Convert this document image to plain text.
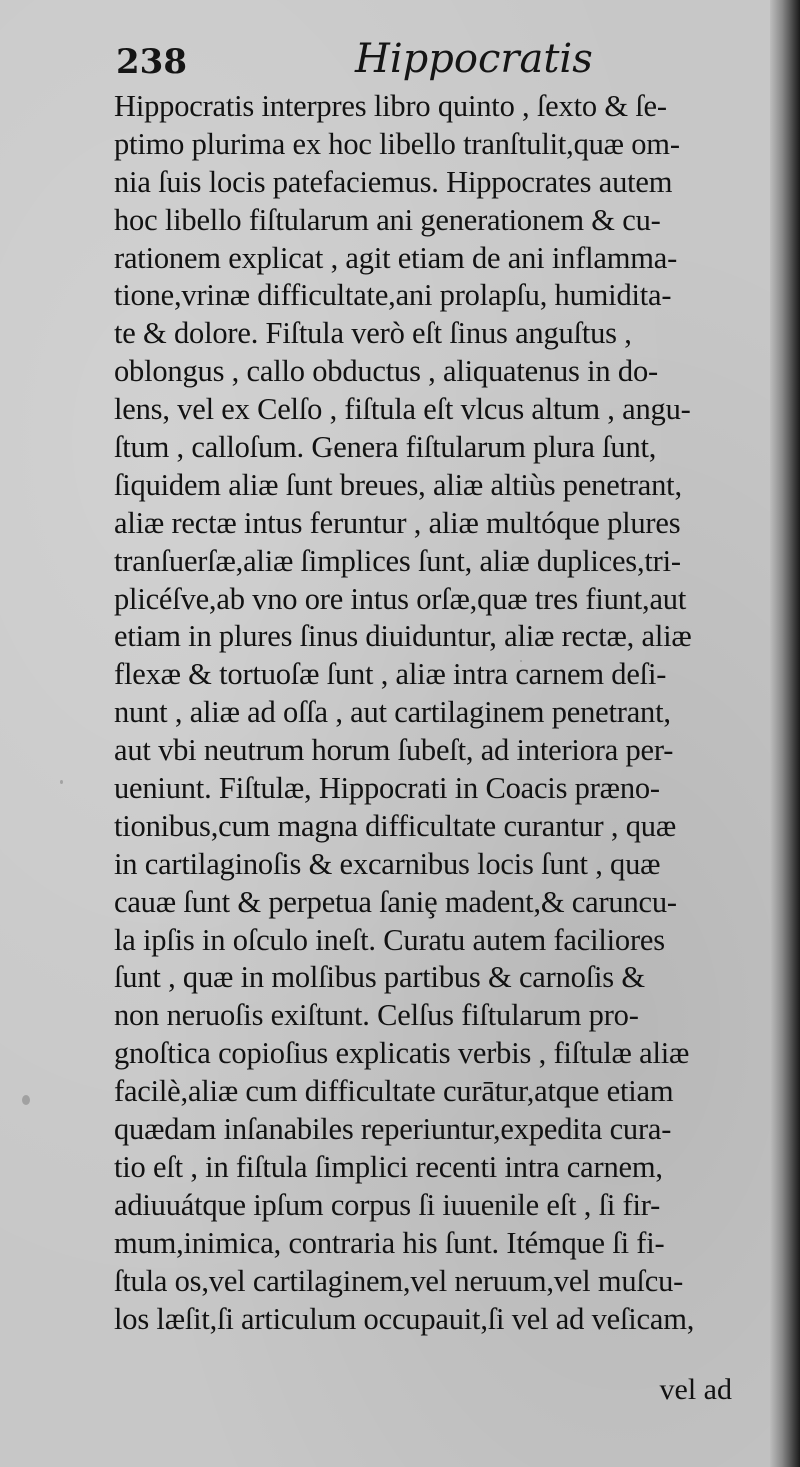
238	Hippocratis
Hippocratis interpres libro quinto , ſexto & ſe-
ptimo plurima ex hoc libello tranſtulit,quæ om-
nia ſuis locis patefaciemus. Hippocrates autem
hoc libello fiſtularum ani generationem & cu-
rationem explicat , agit etiam de ani inflamma-
tione,vrinæ difficultate,ani prolapſu, humidita-
te & dolore. Fiſtula verò eſt ſinus anguſtus ,
oblongus , callo obductus , aliquatenus in do-
lens, vel ex Celſo , fiſtula eſt vlcus altum , angu-
ſtum , calloſum. Genera fiſtularum plura ſunt,
ſiquidem aliæ ſunt breues, aliæ altiùs penetrant,
aliæ rectæ intus feruntur , aliæ multóque plures
tranſuerſæ,aliæ ſimplices ſunt, aliæ duplices,tri-
plicéſve,ab vno ore intus orſæ,quæ tres fiunt,aut
etiam in plures ſinus diuiduntur, aliæ rectæ, aliæ
flexæ & tortuoſæ ſunt , aliæ intra carnem deſi-
nunt , aliæ ad oſſa , aut cartilaginem penetrant,
aut vbi neutrum horum ſubeſt, ad interiora per-
ueniunt. Fiſtulæ, Hippocrati in Coacis præno-
tionibus,cum magna difficultate curantur , quæ
in cartilaginoſis & excarnibus locis ſunt , quæ
cauæ ſunt & perpetua ſaniȩ madent,& caruncu-
la ipſis in oſculo ineſt. Curatu autem faciliores
ſunt , quæ in molſibus partibus & carnoſis &
non neruoſis exiſtunt. Celſus fiſtularum pro-
gnoſtica copioſius explicatis verbis , fiſtulæ aliæ
facilè,aliæ cum difficultate curātur,atque etiam
quædam inſanabiles reperiuntur,expedita cura-
tio eſt , in fiſtula ſimplici recenti intra carnem,
adiuuátque ipſum corpus ſi iuuenile eſt , ſi fir-
mum,inimica, contraria his ſunt. Itémque ſi fi-
ſtula os,vel cartilaginem,vel neruum,vel muſcu-
los læſit,ſi articulum occupauit,ſi vel ad veſicam,
vel ad
